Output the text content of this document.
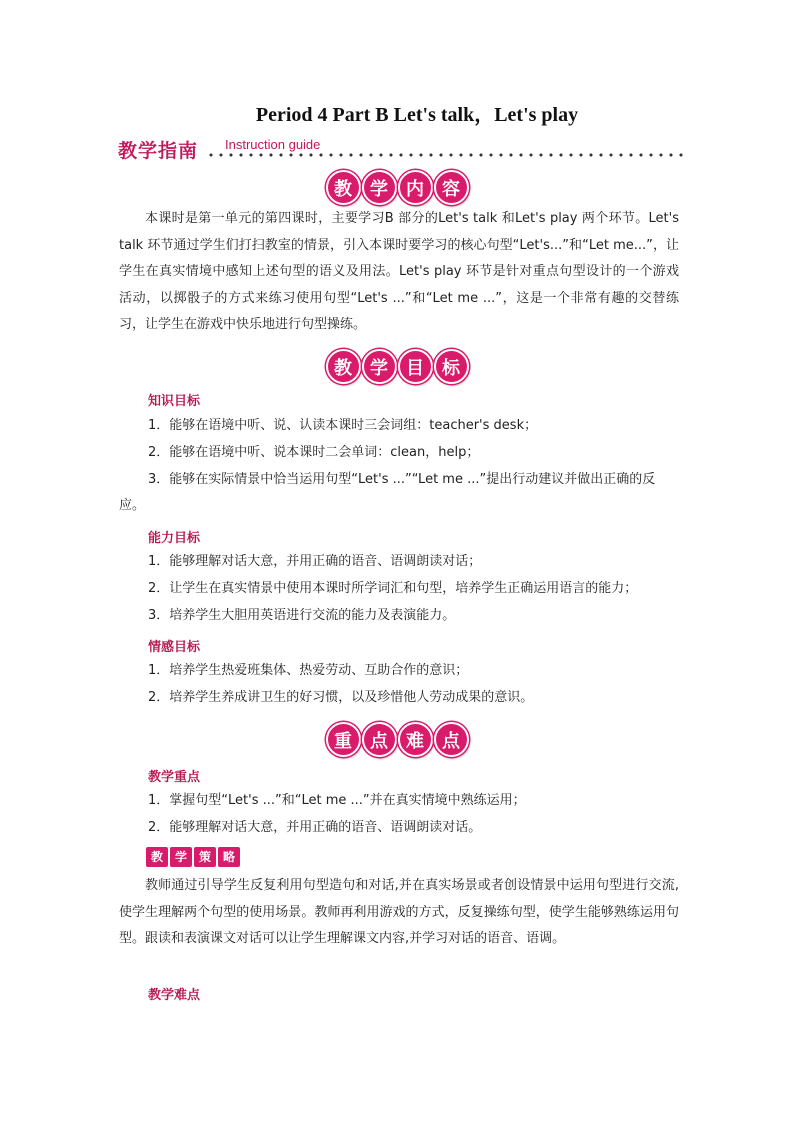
Period 4 Part B Let's talk，Let's play
教学指南 Instruction guide
教	学	内	容

本课时是第一单元的第四课时，主要学习B 部分的Let's talk 和Let's play 两个环节。Let's talk 环节通过学生们打扫教室的情景，引入本课时要学习的核心句型“Let's...”和“Let me...”，让学生在真实情境中感知上述句型的语义及用法。Let's play 环节是针对重点句型设计的一个游戏活动，以掷骰子的方式来练习使用句型“Let's ...”和“Let me ...”，这是一个非常有趣的交替练习，让学生在游戏中快乐地进行句型操练。

教	学	目	标
知识目标
1．能够在语境中听、说、认读本课时三会词组：teacher's desk；
2．能够在语境中听、说本课时二会单词：clean，help；
3．能够在实际情景中恰当运用句型“Let's ...”“Let me ...”提出行动建议并做出正确的反应。
能力目标
1．能够理解对话大意，并用正确的语音、语调朗读对话；
2．让学生在真实情景中使用本课时所学词汇和句型，培养学生正确运用语言的能力；
3．培养学生大胆用英语进行交流的能力及表演能力。
情感目标
1．培养学生热爱班集体、热爱劳动、互助合作的意识；
2．培养学生养成讲卫生的好习惯，以及珍惜他人劳动成果的意识。
重	点	难	点
教学重点
1．掌握句型“Let's ...”和“Let me ...”并在真实情境中熟练运用；
2．能够理解对话大意，并用正确的语音、语调朗读对话。
教 学 策 略

教师通过引导学生反复利用句型造句和对话,并在真实场景或者创设情景中运用句型进行交流,使学生理解两个句型的使用场景。教师再利用游戏的方式，反复操练句型，使学生能够熟练运用句型。跟读和表演课文对话可以让学生理解课文内容,并学习对话的语音、语调。

教学难点
